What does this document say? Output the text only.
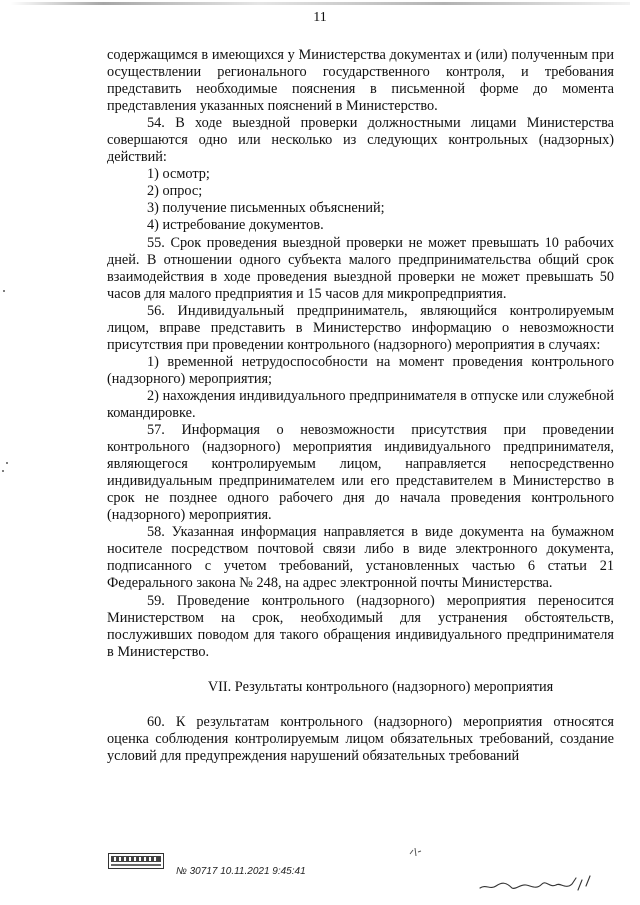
11

содержащимся в имеющихся у Министерства документах и (или) полученным при осуществлении регионального государственного контроля, и требования представить необходимые пояснения в письменной форме до момента представления указанных пояснений в Министерство.

54. В ходе выездной проверки должностными лицами Министерства совершаются одно или несколько из следующих контрольных (надзорных) действий:

1) осмотр;

2) опрос;

3) получение письменных объяснений;

4) истребование документов.

55. Срок проведения выездной проверки не может превышать 10 рабочих дней. В отношении одного субъекта малого предпринимательства общий срок взаимодействия в ходе проведения выездной проверки не может превышать 50 часов для малого предприятия и 15 часов для микропредприятия.

56. Индивидуальный предприниматель, являющийся контролируемым лицом, вправе представить в Министерство информацию о невозможности присутствия при проведении контрольного (надзорного) мероприятия в случаях:

1) временной нетрудоспособности на момент проведения контрольного (надзорного) мероприятия;

2) нахождения индивидуального предпринимателя в отпуске или служебной командировке.

57. Информация о невозможности присутствия при проведении контрольного (надзорного) мероприятия индивидуального предпринимателя, являющегося контролируемым лицом, направляется непосредственно индивидуальным предпринимателем или его представителем в Министерство в срок не позднее одного рабочего дня до начала проведения контрольного (надзорного) мероприятия.

58. Указанная информация направляется в виде документа на бумажном носителе посредством почтовой связи либо в виде электронного документа, подписанного с учетом требований, установленных частью 6 статьи 21 Федерального закона № 248, на адрес электронной почты Министерства.

59. Проведение контрольного (надзорного) мероприятия переносится Министерством на срок, необходимый для устранения обстоятельств, послуживших поводом для такого обращения индивидуального предпринимателя в Министерство.

VII. Результаты контрольного (надзорного) мероприятия

60. К результатам контрольного (надзорного) мероприятия относятся оценка соблюдения контролируемым лицом обязательных требований, создание условий для предупреждения нарушений обязательных требований

№ 30717 10.11.2021 9:45:41
